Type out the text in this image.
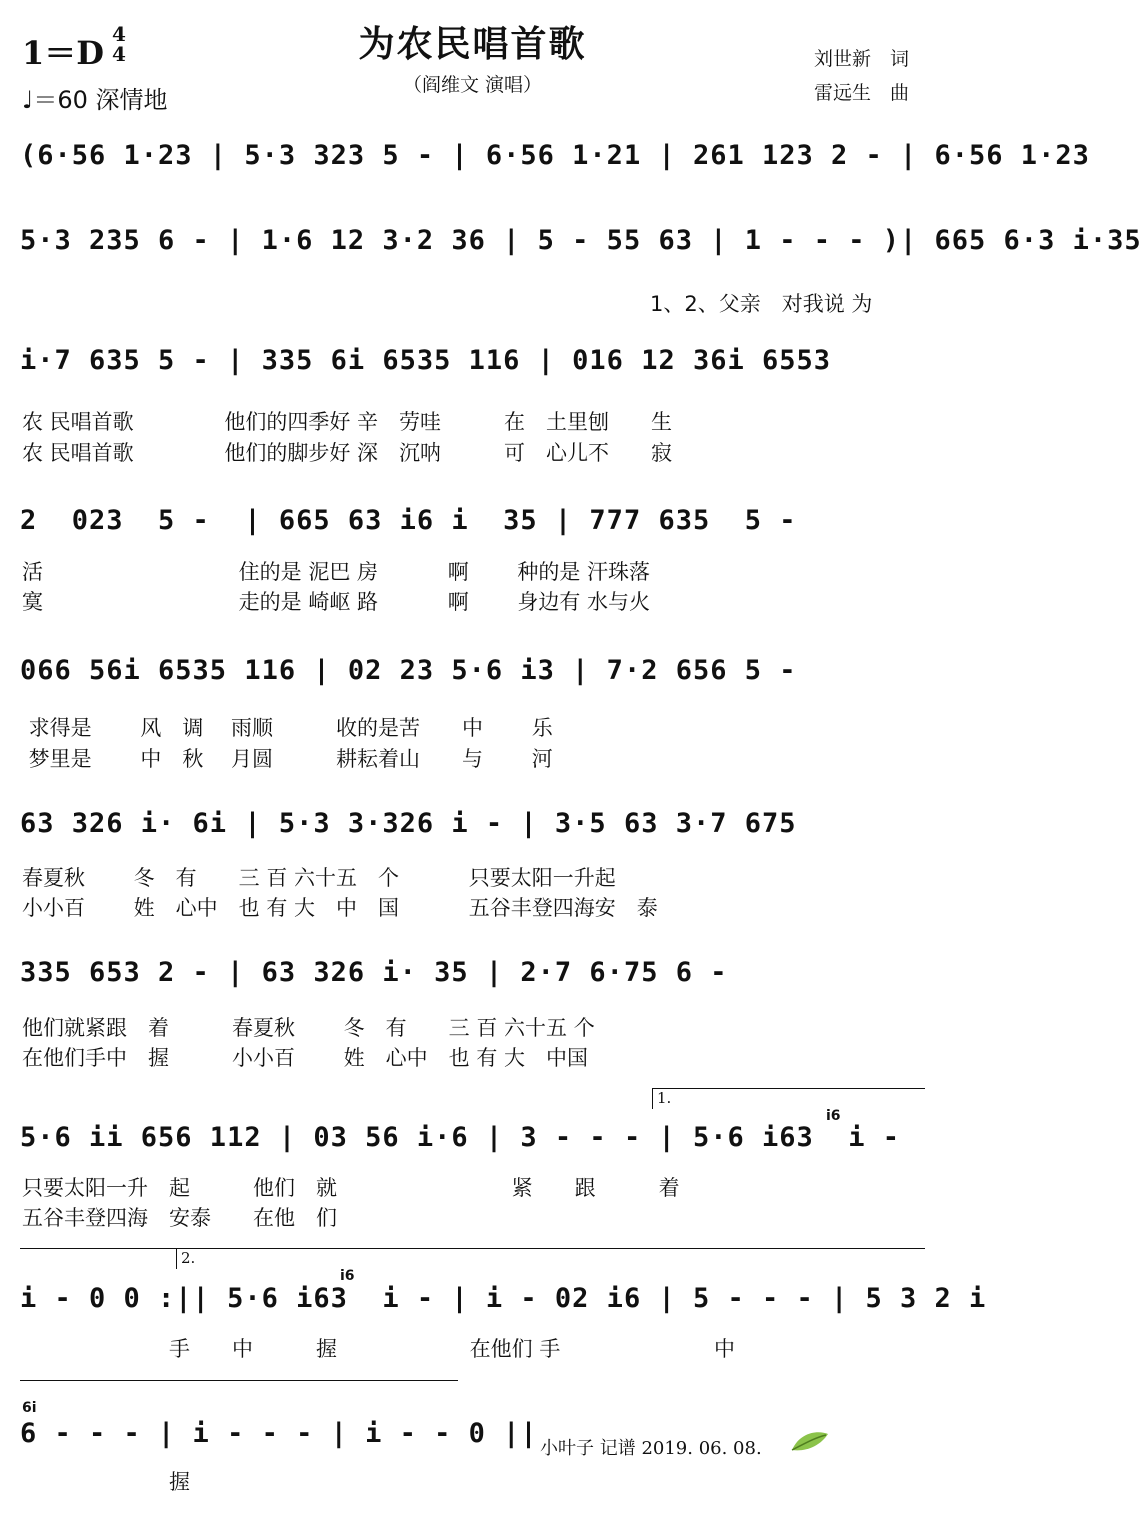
1＝D 4
4
♩＝60 深情地
为农民唱首歌
（阎维文 演唱）
刘世新　词
雷远生　曲
(6·56 1·23 | 5·3 323 5 - | 6·56 1·21 | 261 123 2 - | 6·56 1·23
5·3 235 6 - | 1·6 12 3·2 36 | 5 - 55 63 | 1 - - - )| 665 6·3 i·35
1、2、父亲　对我说 为
i·7 635 5 - | 335 6i 6535 116 | 016 12 36i 6553
农 民唱首歌　　　　 他们的四季好 辛　劳哇　　　在　土里刨　　生
农 民唱首歌　　　　 他们的脚步好 深　沉呐　　　可　心儿不　　寂
2  023  5 -  | 665 63 i6 i  35 | 777 635  5 -
活　　　　　　　　　 住的是 泥巴 房　　　 啊　　 种的是 汗珠落
寞　　　　　　　　　 走的是 崎岖 路　　　 啊　　 身边有 水与火
066 56i 6535 116 | 02 23 5·6 i3 | 7·2 656 5 -
求得是　　 风　调　 雨顺　　　收的是苦　　中　　 乐
梦里是　　 中　秋　 月圆　　　耕耘着山　　与　　 河
63 326 i· 6i | 5·3 3·326 i - | 3·5 63 3·7 675
春夏秋　　 冬　有　　三 百 六十五　个　　　 只要太阳一升起
小小百　　 姓　心中　也 有 大　中　国　　　 五谷丰登四海安　泰
335 653 2 - | 63 326 i· 35 | 2·7 6·75 6 -
他们就紧跟　着　　　春夏秋　　 冬　有　　三 百 六十五 个
在他们手中　握　　　小小百　　 姓　心中　也 有 大　中国
1.
5·6 ii 656 112 | 03 56 i·6 | 3 - - - | 5·6 i63  i -
i6
只要太阳一升　起　　　他们　就　　　　　　　　 紧　　跟　　　着
五谷丰登四海　安泰　　在他　们
2.
i - 0 0 :|| 5·6 i63  i - | i - 02 i6 | 5 - - - | 5 3 2 i
i6
　　　　　　　手　　中　　　握　　　　　　 在他们 手　　　　　　　 中
6 - - - | i - - - | i - - 0 ||
6i
　　　　　　　握
小叶子 记谱 2019. 06. 08.
